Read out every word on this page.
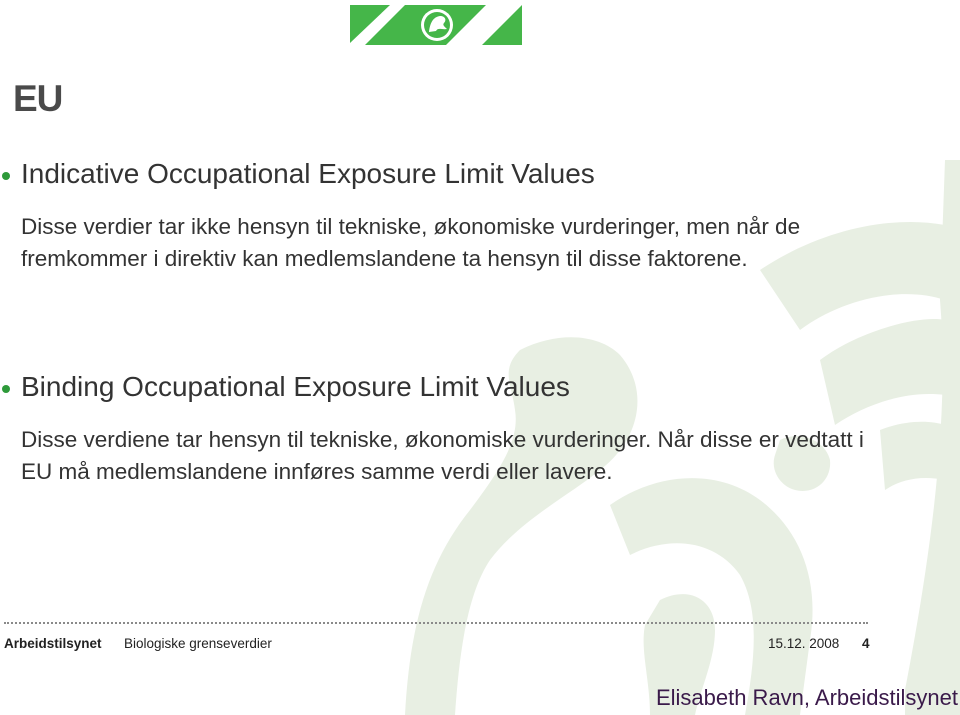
EU
Indicative Occupational Exposure Limit Values
Disse verdier tar ikke hensyn til tekniske, økonomiske vurderinger, men når de fremkommer i direktiv kan medlemslandene ta hensyn til disse faktorene.
Binding Occupational Exposure Limit Values
Disse verdiene tar hensyn til tekniske, økonomiske vurderinger. Når disse er vedtatt i EU må medlemslandene innføres samme verdi eller lavere.
Arbeidstilsynet Biologiske grenseverdier	15.12. 2008 4
Elisabeth Ravn, Arbeidstilsynet
